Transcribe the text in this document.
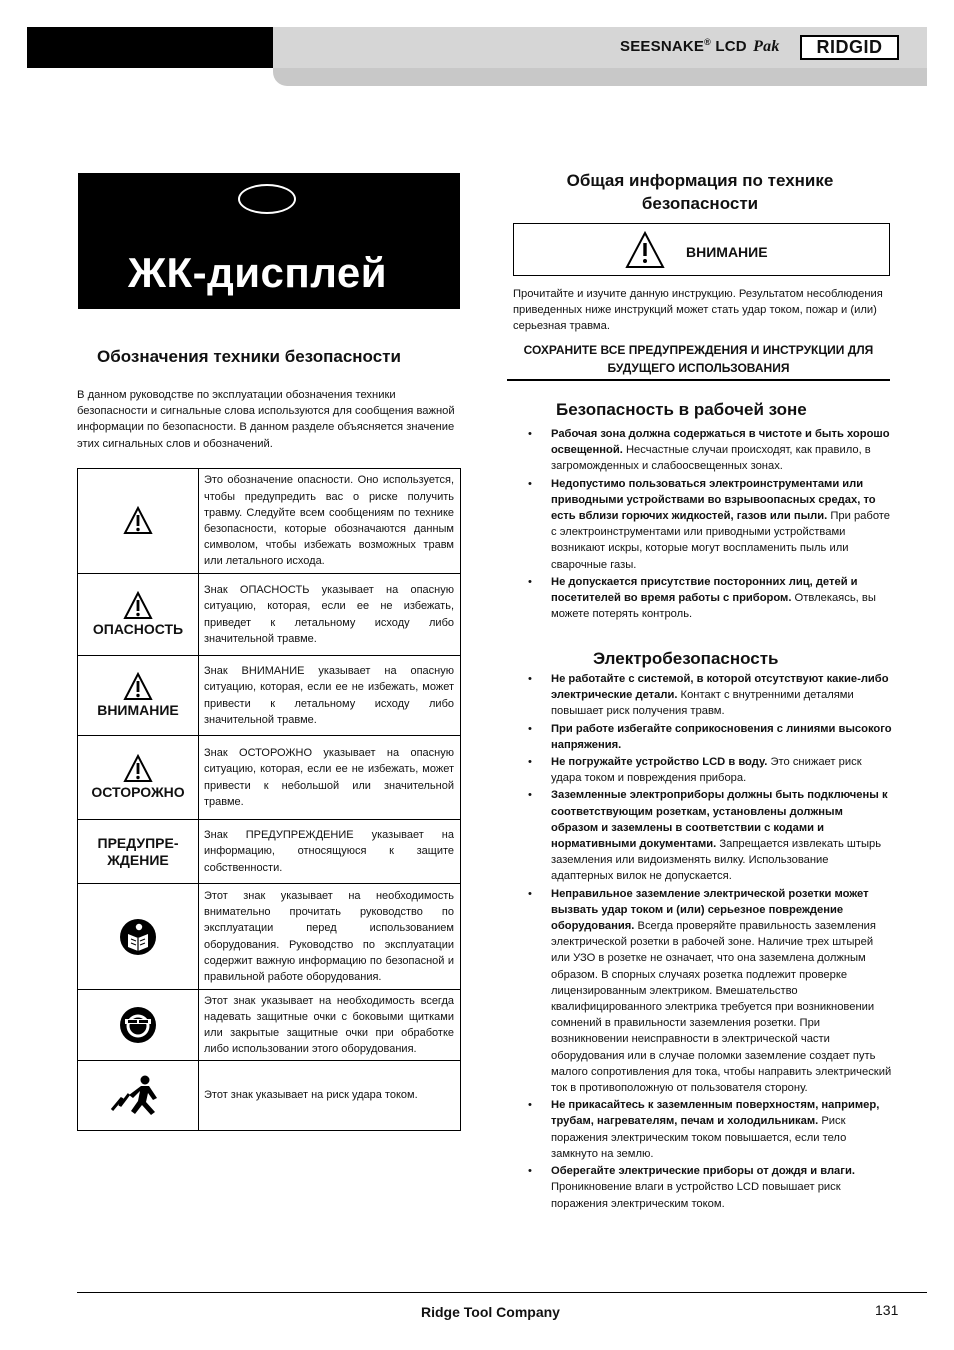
SEESNAKE® LCD Pak	RIDGID
ЖК-дисплей
Обозначения техники безопасности

В данном руководстве по эксплуатации обозначения техники безопасности и сигнальные слова используются для сообщения важной информации по безопасности. В данном разделе объясняется значение этих сигнальных слов и обозначений.

	Это обозначение опасности. Оно используется, чтобы предупредить вас о риске получить травму. Следуйте всем сообщениям по технике безопасности, которые обозначаются данным символом, чтобы избежать возможных травм или летального исхода.

ОПАСНОСТЬ	Знак ОПАСНОСТЬ указывает на опасную ситуацию, которая, если ее не избежать, приведет к летальному исходу либо значительной травме.

ВНИМАНИЕ	Знак ВНИМАНИЕ указывает на опасную ситуацию, которая, если ее не избежать, может привести к летальному исходу либо значительной травме.

ОСТОРОЖНО	Знак ОСТОРОЖНО указывает на опасную ситуацию, которая, если ее не избежать, может привести к небольшой или значительной травме.

ПРЕДУПРЕ-
ЖДЕНИЕ	Знак ПРЕДУПРЕЖДЕНИЕ указывает на информацию, относящуюся к защите собственности.

	Этот знак указывает на необходимость внимательно прочитать руководство по эксплуатации перед использованием оборудования. Руководство по эксплуатации содержит важную информацию по безопасной и правильной работе оборудования.

	Этот знак указывает на необходимость всегда надевать защитные очки с боковыми щитками или закрытые защитные очки при обработке либо использовании этого оборудования.

	Этот знак указывает на риск удара током.
Общая информация по технике безопасности
ВНИМАНИЕ

Прочитайте и изучите данную инструкцию. Результатом несоблюдения приведенных ниже инструкций может стать удар током, пожар и (или) серьезная травма.

СОХРАНИТЕ ВСЕ ПРЕДУПРЕЖДЕНИЯ И ИНСТРУКЦИИ ДЛЯ БУДУЩЕГО ИСПОЛЬЗОВАНИЯ
Безопасность в рабочей зоне
• Рабочая зона должна содержаться в чистоте и быть хорошо освещенной. Несчастные случаи происходят, как правило, в загроможденных и слабоосвещенных зонах.
• Недопустимо пользоваться электроинструментами или приводными устройствами во взрывоопасных средах, то есть вблизи горючих жидкостей, газов или пыли. При работе с электроинструментами или приводными устройствами возникают искры, которые могут воспламенить пыль или сварочные газы.
• Не допускается присутствие посторонних лиц, детей и посетителей во время работы с прибором. Отвлекаясь, вы можете потерять контроль.
Электробезопасность
• Не работайте с системой, в которой отсутствуют какие-либо электрические детали. Контакт с внутренними деталями повышает риск получения травм.
• При работе избегайте соприкосновения с линиями высокого напряжения.
• Не погружайте устройство LCD в воду. Это снижает риск удара током и повреждения прибора.
• Заземленные электроприборы должны быть подключены к соответствующим розеткам, установлены должным образом и заземлены в соответствии с кодами и нормативными документами. Запрещается извлекать штырь заземления или видоизменять вилку. Использование адаптерных вилок не допускается.
• Неправильное заземление электрической розетки может вызвать удар током и (или) серьезное повреждение оборудования. Всегда проверяйте правильность заземления электрической розетки в рабочей зоне. Наличие трех штырей или УЗО в розетке не означает, что она заземлена должным образом. В спорных случаях розетка подлежит проверке лицензированным электриком. Вмешательство квалифицированного электрика требуется при возникновении сомнений в правильности заземления розетки. При возникновении неисправности в электрической части оборудования или в случае поломки заземление создает путь малого сопротивления для тока, чтобы направить электрический ток в противоположную от пользователя сторону.
• Не прикасайтесь к заземленным поверхностям, например, трубам, нагревателям, печам и холодильникам. Риск поражения электрическим током повышается, если тело замкнуто на землю.
• Оберегайте электрические приборы от дождя и влаги. Проникновение влаги в устройство LCD повышает риск поражения электрическим током.
Ridge Tool Company	131
